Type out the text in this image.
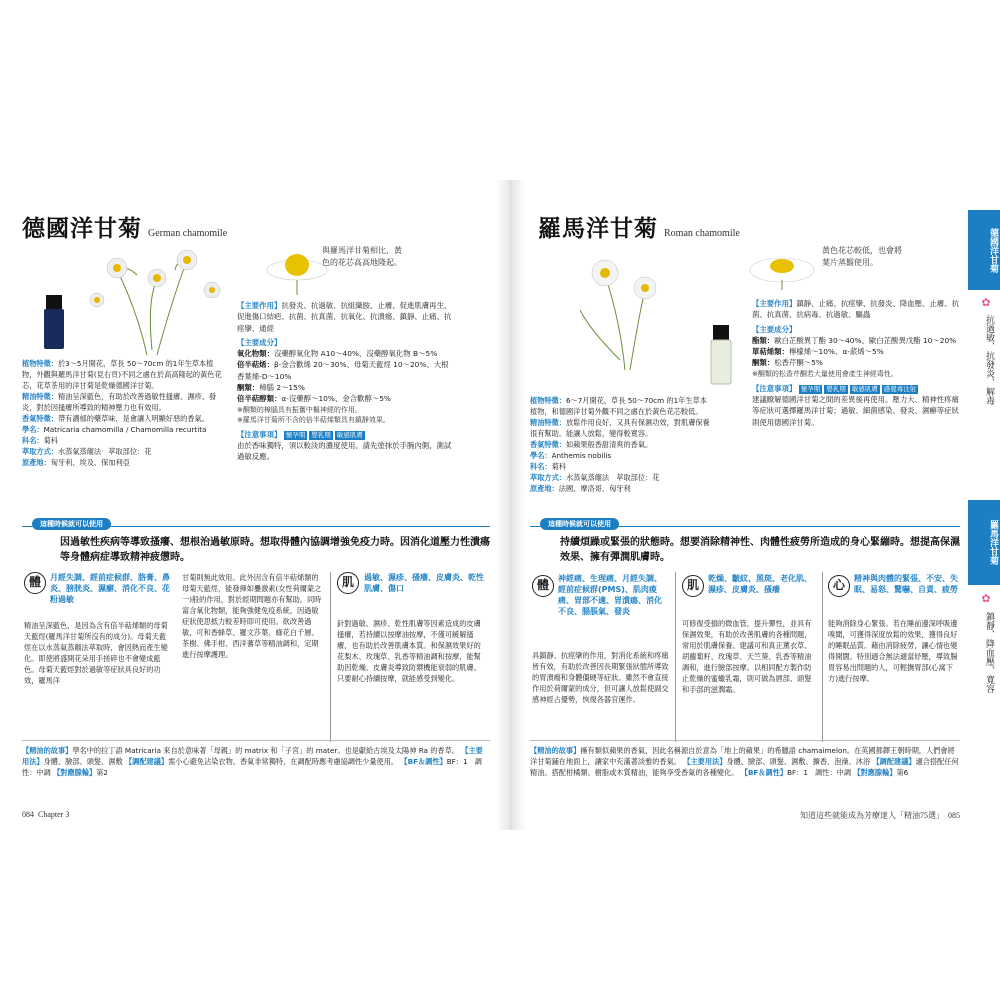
德國洋甘菊 German chamomile
與羅馬洋甘菊相比，黃色的花芯高高地隆起。
【主要作用】抗發炎、抗過敏、抗組織胺、止癢、促進肌膚再生、促進傷口結疤、抗菌、抗真菌、抗氧化、抗潰瘍、鎮靜、止痛、抗痙攣、通經
【主要成分】
氧化物類：沒藥醇氧化物 A10～40%、沒藥醇氧化物 B～5%
倍半萜烯：β-金合歡烯 20～30%、母菊天藍烴 10～20%、大根香葉烯-D～10%
酮類：樟腦 2～15%
倍半萜醇類：α-沒藥醇～10%、金合歡醇～5%
※酮類的樟腦具有振奮中樞神經的作用。
※羅馬洋甘菊所不含的倍半萜烯類具有鎮靜效果。
【注意事項】 懷孕期 嬰乳期 敏感肌膚
由於香味獨特，須以較淡的濃度使用。請先塗抹於手腕內側，測試過敏反應。
植物特徵：於3～5月開花，草長 50～70cm 的1年生草本植物，外觀與羅馬洋甘菊(見右頁)不同之處在於高高隆起的黃色花芯，花草茶用的洋甘菊是乾燥德國洋甘菊。
精油特徵：精油呈深藍色，有助於改善過敏性搔癢、濕疹、發炎，對於因搔癢所導致的精神壓力也有效用。
香氣特徵：帶有濃郁的藥草味，是會讓人明顯好惡的香氣。
學名：Matricaria chamomilla / Chamomilla recurtita
科名：菊科
萃取方式：水蒸氣蒸餾法　萃取部位：花
原產地：匈牙利、埃及、保加利亞
這種時候就可以使用
因過敏性疾病等導致搔癢、想根治過敏原時。想取得體內協調增強免疫力時。因消化道壓力性潰瘍等身體病症導致精神疲憊時。
體	月經失調、經前症候群、胳膏、鼻炎、膀胱炎、濕癬、消化不良、花粉過敏
精油呈深藍色，是因為含有倍半萜烯類的母菊天藍烴(羅馬洋甘菊所沒有的成分)。母菊天藍烴在以水蒸氣蒸餾法萃取時，會因熱而產生變化。即使將盛開花朵用手搓碎也不會變成藍色。母菊天藍烴對於過敏等症狀具良好的功效，羅馬洋
甘菊則無此效用。此外因含有倍半萜烯類的母菊天藍烴，能發揮如疊激素(女性荷爾蒙之一)般的作用，對於經期問題亦有幫助。同時富含氧化物類，能夠強健免疫系統，因過敏症狀使思抵力較差時即可使用。欲改善過敏，可和香蜂草、羅文莎葉、綠花白千層、茶樹、佛手柑、西洋蓍草等精油調和，定期進行按摩護理。
肌	過敏、濕疹、搔癢、皮膚炎、乾性肌膚、傷口
針對過敏、濕疹、乾性肌膚等因素造成的皮膚搔癢，若持續以按摩油按摩，不僅可緩解搔癢，也有助於改善肌膚本質。和保濕效果好的花梨木、玫瑰草、乳香等精油調和按摩，能幫助因乾燥、皮膚炎導致防禦機能衰弱的肌膚。只要耐心持續按摩，就能感受到變化。
【精油的故事】學名中的拉丁語 Matricaria 來自於意味著「母親」的 matrix 和「子宮」的 mater。也是獻給古埃及太陽神 Ra 的香草。 【主要用法】身體、臉部、頭髮、濕敷 【調配建議】需小心避免沾染衣物。香氣非常獨特，在調配時應考慮協調性少量使用。 【BF＆調性】BF：1　調性：中調 【對應腺輪】第2
084 Chapter 3
羅馬洋甘菊 Roman chamomile
黃色花芯較低，也會將葉片蒸餾使用。
【主要作用】鎮靜、止痛、抗痙攣、抗發炎、降血壓、止癢、抗菌、抗真菌、抗病毒、抗過敏、驅蟲
【主要成分】
酯類：歐白芷酸異丁酯 30～40%、歐白芷酸異戊酯 10～20%
單萜烯類：檸檬烯～10%、α-蒎烯～5%
酮類：松香芹酮～5%
※酮類的松香芹酮若大量使用會產生神經毒性。
【注意事項】 懷孕期 嬰乳期 敏感肌膚 感覺毒注射
建議瞭解德國洋甘菊之間的差異後再使用。壓力大、精神性疼痛等症狀可選擇羅馬洋甘菊；過敏、細菌感染、發炎、濕癬等症狀則使用德國洋甘菊。
植物特徵：6～7月開花，草長 50～70cm 的1年生草本植物，和德國洋甘菊外觀不同之處在於黃色花芯較低。
精油特徵：放鬆作用良好，又具有保濕功效，對肌膚保養很有幫助。能讓人放鬆，變得較寬容。
香氣特徵：如蘋果般香甜清爽的香氣。
學名：Anthemis nobilis
科名：菊科
萃取方式：水蒸氣蒸餾法　萃取部位：花
原產地：法國、摩洛哥、匈牙利
這種時候就可以使用
持續煩躁或緊張的狀態時。想要消除精神性、肉體性疲勞所造成的身心緊繃時。想提高保濕效果、擁有彈潤肌膚時。
體	神經痛、生理痛、月經失調、經前症候群(PMS)、肌肉痠痛、胃部不適、胃潰瘍、消化不良、腸脹氣、發炎
具鎮靜、抗痙攣的作用，對消化系統和疼痛皆有效，有助於改善因長期緊張狀態所導致的胃潰瘍和身體僵硬等症狀。雖然不會直接作用於荷爾蒙的成分，但可讓人放鬆使副交感神經占優勢，恢復各器官運作。
肌	乾燥、皺紋、黑斑、老化肌、濕疹、皮膚炎、搔癢
可修復受損的微血管，提升彈性，並具有保濕效果，有助於改善肌膚的各種問題，常用於肌膚保養。建議可和真正薰衣草、胡蘿蔔籽、玫瑰草、天竺葵、乳香等精油調和，進行臉部按摩。以相同配方製作防止乾燥的蜜蠟乳霜，則可做為唇部、頭髮和手部的滋潤霜。
心	精神與肉體的緊張、不安、失眠、易怒、驚嚇、自責、疲勞
能夠消除身心緊張。若在睡前邊深呼吸邊嗅聞，可獲得深度放鬆的效果，獲得良好的睡眠品質。藉由消除疲勞，讓心情也變得開闊。特別適合無法適當紓壓，導致腸胃容易出問題的人，可輕撫胃部(心窩下方)進行按摩。
【精油的故事】擁有類似蘋果的香氣，因此名稱源自於意為「地上的蘋果」的希臘語 chamaimelon。在英國都鐸王朝時期，人們會將洋甘菊鋪在地面上，讓家中充滿著淡雅的香氣。 【主要用法】身體、臉部、頭髮、濕敷、擴香、泡澡、沐浴 【調配建議】適合搭配任何精油。搭配柑橘類、樹脂或木質精油，能夠享受香氣的各種變化。 【BF＆調性】BF：1　調性：中調 【對應腺輪】第6
知道這些就能成為芳療達人「精油75選」 085
德國洋甘菊
✿
抗過敏、抗發炎、解毒
羅馬洋甘菊
✿
鎮靜、降血壓、寬容
